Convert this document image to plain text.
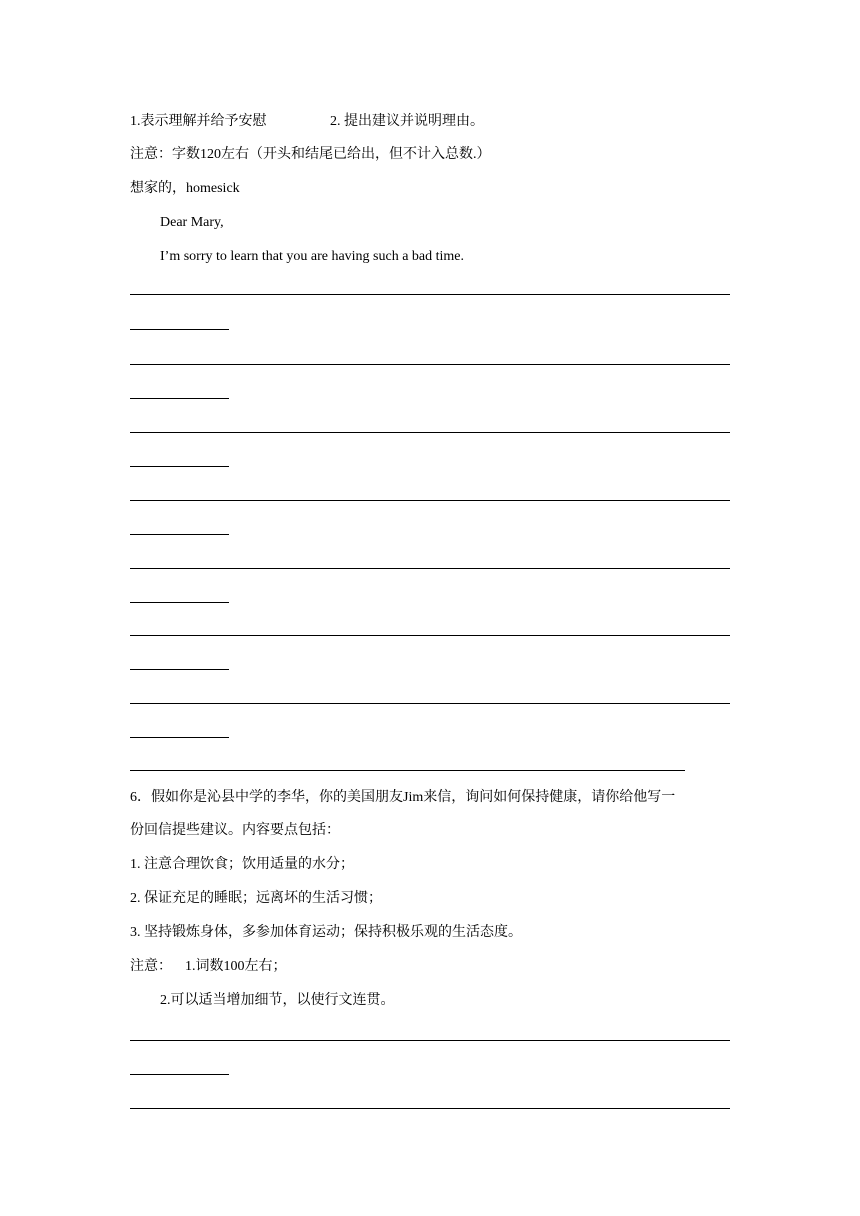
1.表示理解并给予安慰	2. 提出建议并说明理由。

注意：字数120左右（开头和结尾已给出，但不计入总数.）

想家的，homesick

Dear Mary,

I’m sorry to learn that you are having such a bad time.

6．假如你是沁县中学的李华，你的美国朋友Jim来信，询问如何保持健康，请你给他写一

份回信提些建议。内容要点包括：

1. 注意合理饮食；饮用适量的水分；

2. 保证充足的睡眠；远离坏的生活习惯；

3. 坚持锻炼身体，多参加体育运动；保持积极乐观的生活态度。

注意： 1.词数100左右；

2.可以适当增加细节，以使行文连贯。
